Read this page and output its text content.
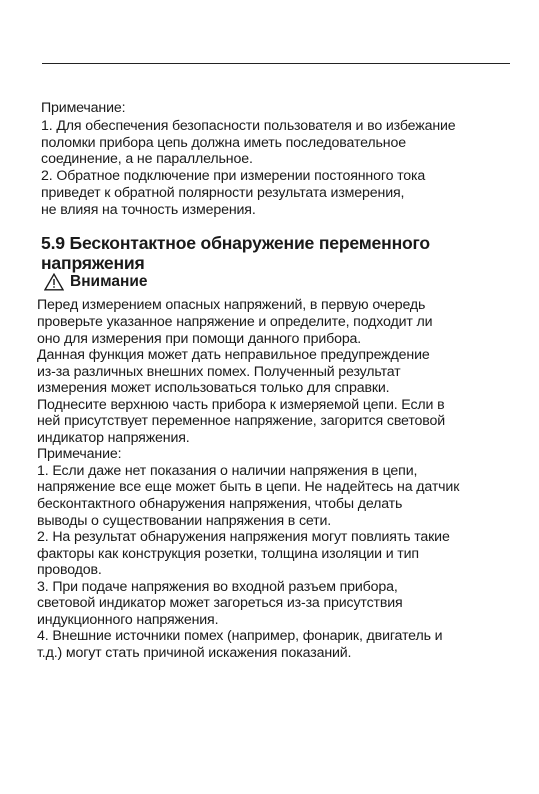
Примечание:
1. Для обеспечения безопасности пользователя и во избежание
поломки прибора цепь должна иметь последовательное
соединение, а не параллельное.
2. Обратное подключение при измерении постоянного тока
приведет к обратной полярности результата измерения,
не влияя на точность измерения.
5.9 Бесконтактное обнаружение переменного
напряжения
Внимание
Перед измерением опасных напряжений, в первую очередь
проверьте указанное напряжение и определите, подходит ли
оно для измерения при помощи данного прибора.
Данная функция может дать неправильное предупреждение
из-за различных внешних помех. Полученный результат
измерения может использоваться только для справки.
Поднесите верхнюю часть прибора к измеряемой цепи. Если в
ней присутствует переменное напряжение, загорится световой
индикатор напряжения.
Примечание:
1. Если даже нет показания о наличии напряжения в цепи,
напряжение все еще может быть в цепи. Не надейтесь на датчик
бесконтактного обнаружения напряжения, чтобы делать
выводы о существовании напряжения в сети.
2. На результат обнаружения напряжения могут повлиять такие
факторы как конструкция розетки, толщина изоляции и тип
проводов.
3. При подаче напряжения во входной разъем прибора,
световой индикатор может загореться из-за присутствия
индукционного напряжения.
4. Внешние источники помех (например, фонарик, двигатель и
т.д.) могут стать причиной искажения показаний.
